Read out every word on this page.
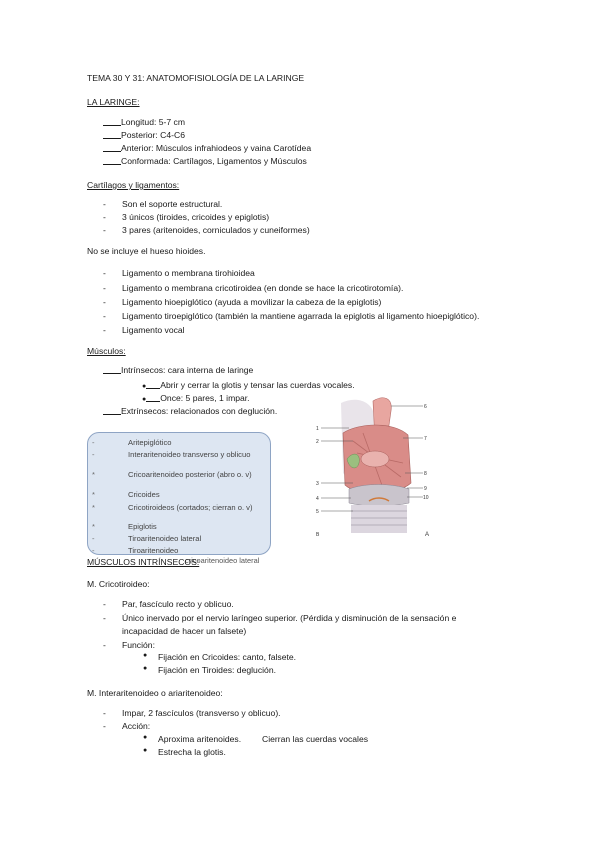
TEMA 30 Y 31: ANATOMOFISIOLOGÍA DE LA LARINGE
LA LARINGE:
Longitud: 5-7 cm
Posterior: C4-C6
Anterior: Músculos infrahiodeos y vaina Carotídea
Conformada: Cartílagos, Ligamentos y Músculos
Cartílagos y ligamentos:
- Son el soporte estructural.
- 3 únicos (tiroides, cricoides y epiglotis)
- 3 pares (aritenoides, corniculados y cuneiformes)
No se incluye el hueso hioides.
- Ligamento o membrana tirohioidea
- Ligamento o membrana cricotiroidea (en donde se hace la cricotirotomía).
- Ligamento hioepiglótico (ayuda a movilizar la cabeza de la epiglotis)
- Ligamento tiroepiglótico (también la mantiene agarrada la epiglotis al ligamento hioepiglótico).
- Ligamento vocal
Músculos:
Intrínsecos: cara interna de laringe
● Abrir y cerrar la glotis y tensar las cuerdas vocales.
● Once: 5 pares, 1 impar.
Extrínsecos: relacionados con deglución.
-	Aritepiglótico
-	Interaritenoideo transverso y oblicuo
*	Cricoaritenoideo posterior (abro o. v)
*	Cricoides
*	Cricotiroideos (cortados; cierran o. v)
*	Epiglotis
-	Tiroaritenoideo lateral
-	Tiroaritenoideo
cricoaritenoideo lateral
1
2
3
4
5
6
7
8
9
10
B	A
MÚSCULOS INTRÍNSECOS:
M. Cricotiroideo:
- Par, fascículo recto y oblicuo.
- Único inervado por el nervio laríngeo superior. (Pérdida y disminución de la sensación e
incapacidad de hacer un falsete)
- Función:
● Fijación en Cricoides: canto, falsete.
● Fijación en Tiroides: deglución.
M. Interaritenoideo o ariaritenoideo:
- Impar, 2 fascículos (transverso y oblicuo).
- Acción:
● Aproxima aritenoides. Cierran las cuerdas vocales
● Estrecha la glotis.
